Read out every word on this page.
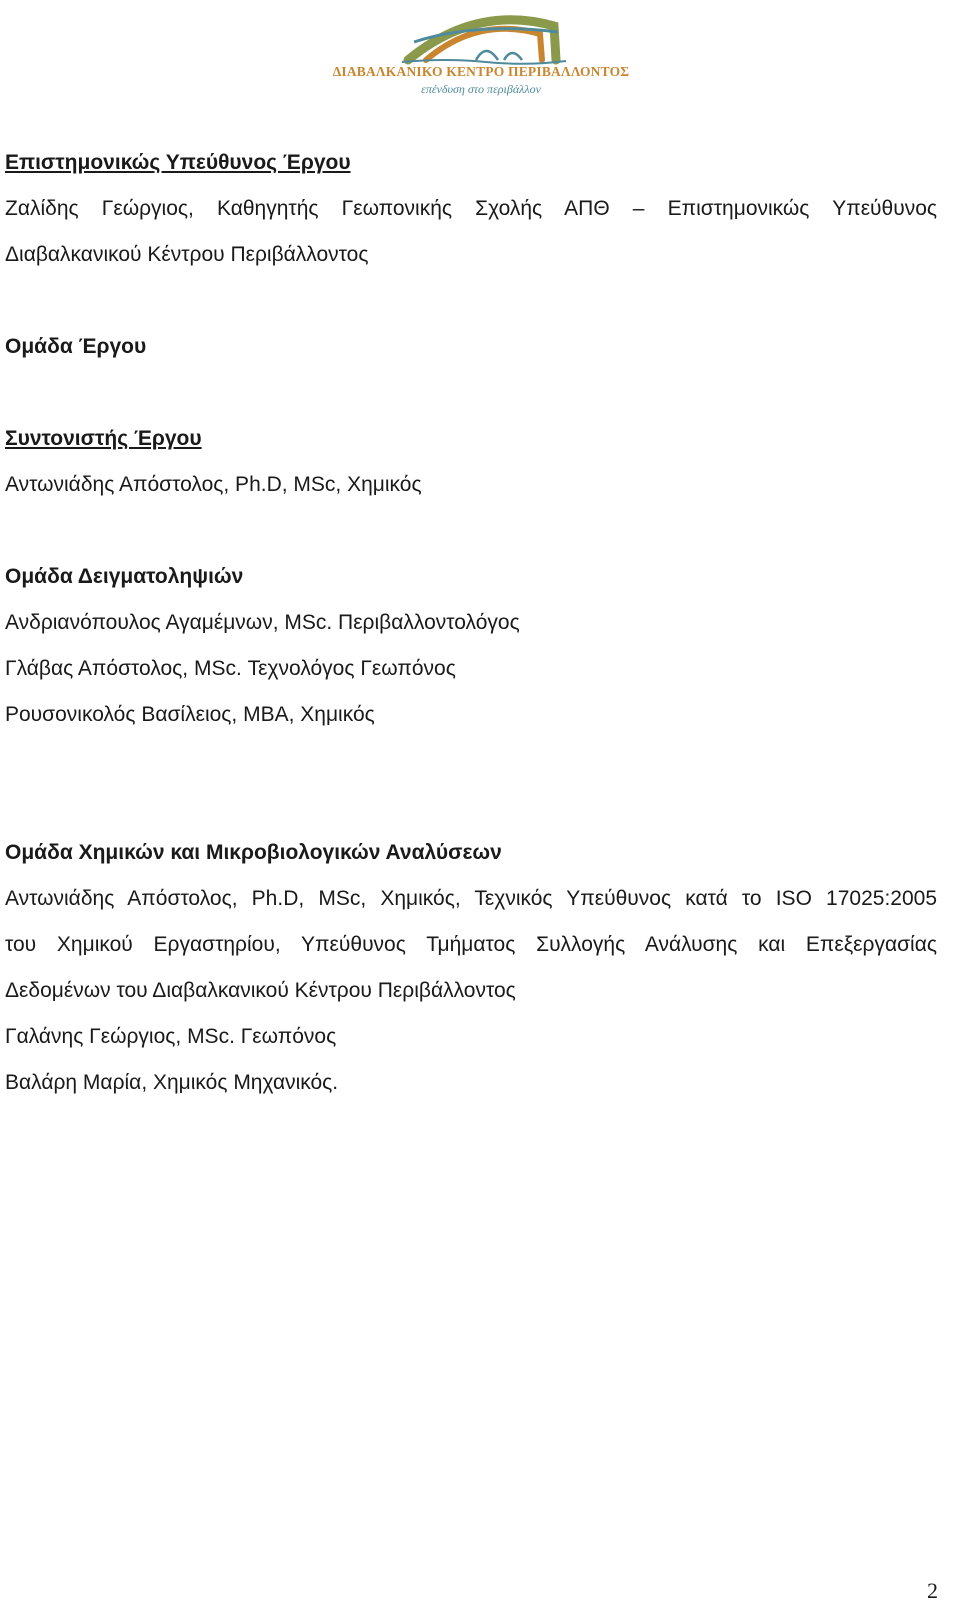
ΔΙΑΒΑΛΚΑΝΙΚΟ ΚΕΝΤΡΟ ΠΕΡΙΒΑΛΛΟΝΤΟΣ
επένδυση στο περιβάλλον

Επιστημονικώς Υπεύθυνος Έργου

Ζαλίδης Γεώργιος, Καθηγητής Γεωπονικής Σχολής ΑΠΘ – Επιστημονικώς Υπεύθυνος

Διαβαλκανικού Κέντρου Περιβάλλοντος

Ομάδα Έργου

Συντονιστής Έργου

Αντωνιάδης Απόστολος, Ph.D, MSc, Χημικός

Ομάδα Δειγματοληψιών

Ανδριανόπουλος Αγαμέμνων, MSc. Περιβαλλοντολόγος

Γλάβας Απόστολος, MSc. Τεχνολόγος Γεωπόνος

Ρουσονικολός Βασίλειος, MBA, Χημικός

Ομάδα Χημικών και Μικροβιολογικών Αναλύσεων

Αντωνιάδης Απόστολος, Ph.D, MSc, Χημικός, Τεχνικός Υπεύθυνος κατά το ISO 17025:2005

του Χημικού Εργαστηρίου, Υπεύθυνος Τμήματος Συλλογής Ανάλυσης και Επεξεργασίας

Δεδομένων του Διαβαλκανικού Κέντρου Περιβάλλοντος

Γαλάνης Γεώργιος, MSc. Γεωπόνος

Βαλάρη Μαρία, Χημικός Μηχανικός.

2
